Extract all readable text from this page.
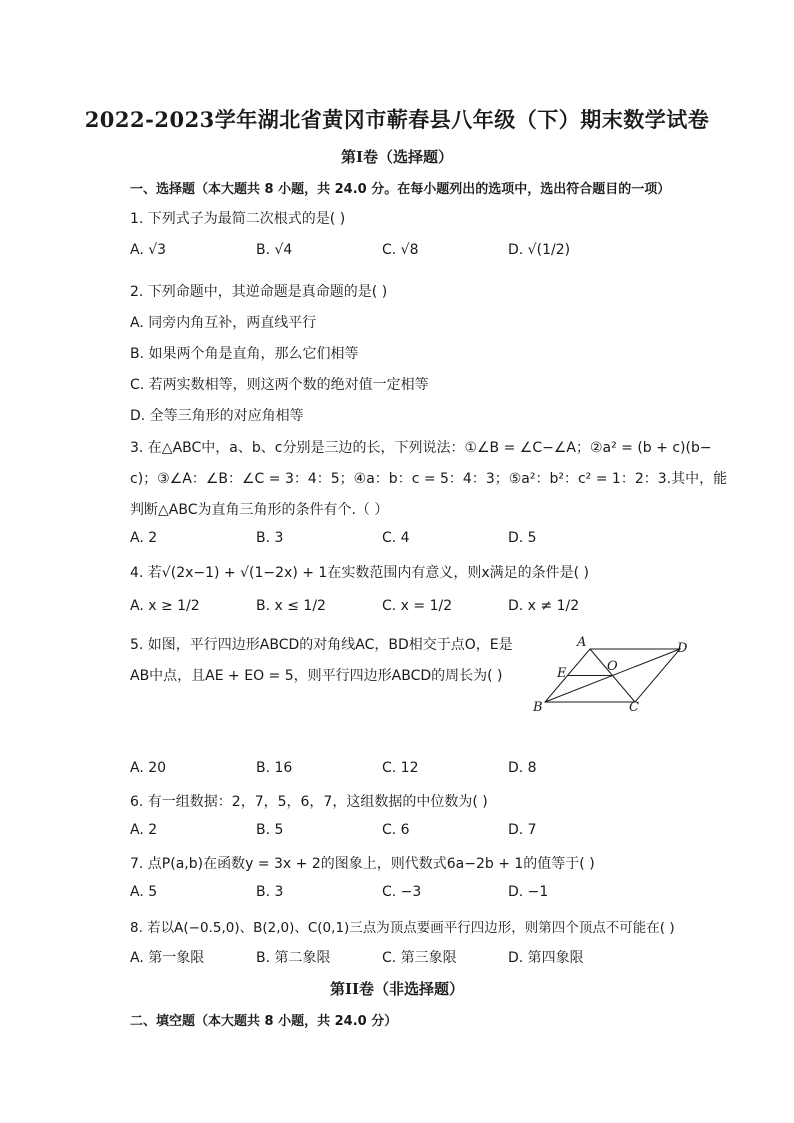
2022-2023学年湖北省黄冈市蕲春县八年级（下）期末数学试卷
第I卷（选择题）
一、选择题（本大题共 8 小题，共 24.0 分。在每小题列出的选项中，选出符合题目的一项）
1. 下列式子为最简二次根式的是( )
A. √3	B. √4	C. √8	D. √(1/2)
2. 下列命题中，其逆命题是真命题的是( )
A. 同旁内角互补，两直线平行
B. 如果两个角是直角，那么它们相等
C. 若两实数相等，则这两个数的绝对值一定相等
D. 全等三角形的对应角相等
3. 在△ABC中，a、b、c分别是三边的长，下列说法：①∠B = ∠C−∠A；②a² = (b + c)(b−
c)；③∠A：∠B：∠C = 3：4：5；④a：b：c = 5：4：3；⑤a²：b²：c² = 1：2：3.其中，能
判断△ABC为直角三角形的条件有个.（ ）
A. 2	B. 3	C. 4	D. 5
4. 若√(2x−1) + √(1−2x) + 1在实数范围内有意义，则x满足的条件是( )
A. x ≥ 1/2	B. x ≤ 1/2	C. x = 1/2	D. x ≠ 1/2
5. 如图，平行四边形ABCD的对角线AC，BD相交于点O，E是
AB中点，且AE + EO = 5，则平行四边形ABCD的周长为( )
A	D
E	O
B	C
A. 20	B. 16	C. 12	D. 8
6. 有一组数据：2，7，5，6，7，这组数据的中位数为( )
A. 2	B. 5	C. 6	D. 7
7. 点P(a,b)在函数y = 3x + 2的图象上，则代数式6a−2b + 1的值等于( )
A. 5	B. 3	C. −3	D. −1
8. 若以A(−0.5,0)、B(2,0)、C(0,1)三点为顶点要画平行四边形，则第四个顶点不可能在( )
A. 第一象限	B. 第二象限	C. 第三象限	D. 第四象限
第II卷（非选择题）
二、填空题（本大题共 8 小题，共 24.0 分）
